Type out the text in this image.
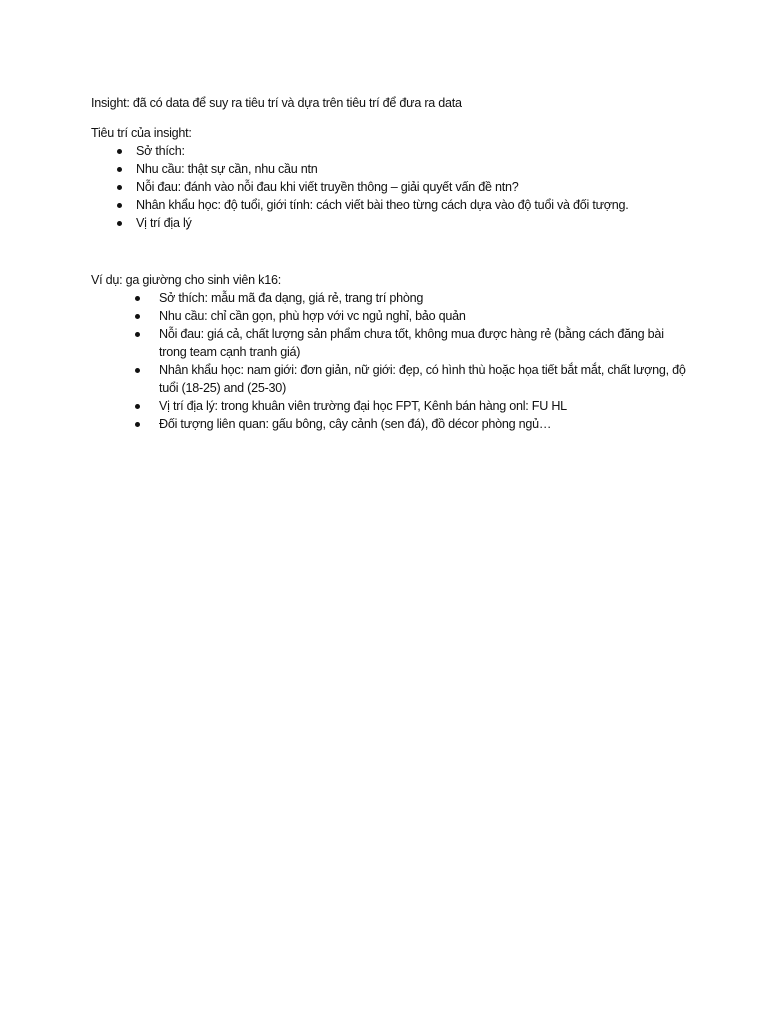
Insight: đã có data để suy ra tiêu trí và dựa trên tiêu trí để đưa ra data

Tiêu trí của insight:

Sở thích:
Nhu cầu: thật sự cần, nhu cầu ntn
Nỗi đau: đánh vào nỗi đau khi viết truyền thông – giải quyết vấn đề ntn?
Nhân khẩu học: độ tuổi, giới tính: cách viết bài theo từng cách dựa vào độ tuổi và đối tượng.
Vị trí địa lý

Ví dụ: ga giường cho sinh viên k16:

Sở thích: mẫu mã đa dạng, giá rẻ, trang trí phòng
Nhu cầu: chỉ cần gọn, phù hợp với vc ngủ nghỉ, bảo quản
Nỗi đau: giá cả, chất lượng sản phẩm chưa tốt, không mua được hàng rẻ (bằng cách đăng bài trong team cạnh tranh giá)
Nhân khẩu học: nam giới: đơn giản, nữ giới: đẹp, có hình thù hoặc họa tiết bắt mắt, chất lượng, độ tuổi (18-25) and (25-30)
Vị trí địa lý: trong khuân viên trường đại học FPT, Kênh bán hàng onl: FU HL
Đối tượng liên quan: gấu bông, cây cảnh (sen đá), đồ décor phòng ngủ…
